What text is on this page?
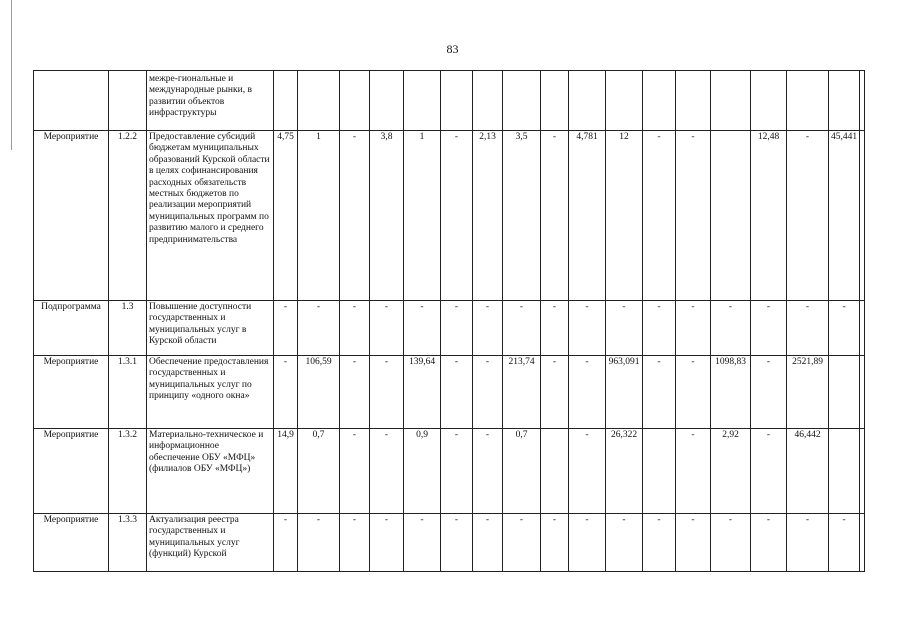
83
		межре-гиональные и международные рынки, в развитии объектов инфраструктуры																		
Мероприятие	1.2.2	Предоставление субсидий бюджетам муниципальных образований Курской области в целях софинансирования расходных обязательств местных бюджетов по реализации мероприятий муниципальных программ по развитию малого и среднего предпринимательства	4,75	1	-	3,8	1	-	2,13	3,5	-	4,781	12	-	-		12,48	-	45,441	
Подпрограмма	1.3	Повышение доступности государственных и муниципальных услуг в Курской области	-	-	-	-	-	-	-	-	-	-	-	-	-	-	-	-	-	
Мероприятие	1.3.1	Обеспечение предоставления государственных и муниципальных услуг по принципу «одного окна»	-	106,59	-	-	139,64	-	-	213,74	-	-	963,091	-	-	1098,83	-	2521,89		
Мероприятие	1.3.2	Материально-техническое и информационное обеспечение ОБУ «МФЦ» (филиалов ОБУ «МФЦ»)	14,9	0,7	-	-	0,9	-	-	0,7		-	26,322		-	2,92	-	46,442		
Мероприятие	1.3.3	Актуализация реестра государственных и муниципальных услуг (функций) Курской	-	-	-	-	-	-	-	-	-	-	-	-	-	-	-	-	-	
